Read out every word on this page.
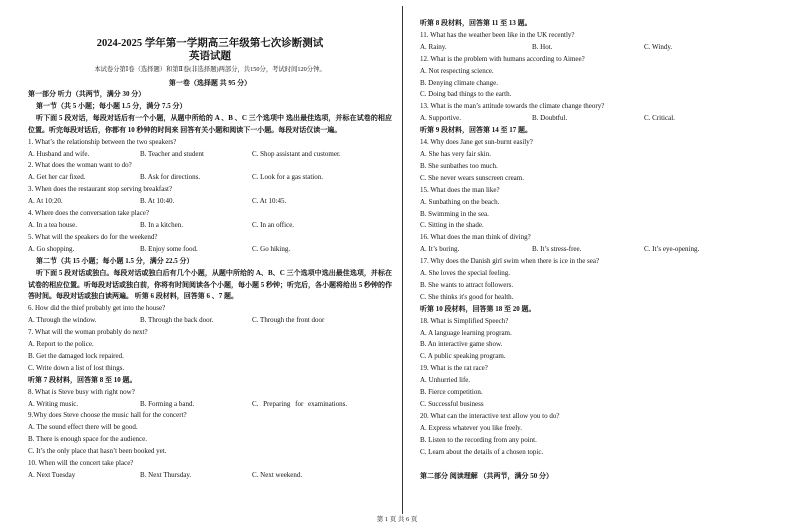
2024-2025 学年第一学期高三年级第七次诊断测试
英语试题
本试卷分第Ⅰ卷（选择题）和第Ⅱ卷(非选择题)两部分，共150分，考试时间120分钟。
第一卷（选择题 共 95 分）
第一部分 听力（共两节，满分 30 分）
第一节（共 5 小题；每小题 1.5 分，满分 7.5 分）
听下面 5 段对话，每段对话后有一个小题，从题中所给的 A 、B 、C 三个选项中 选出最佳选项，并标在试卷的相应位置。听完每段对话后，你都有 10 秒钟的时间来 回答有关小题和阅读下一小题。每段对话仅读一遍。
1. What’s the relationship between the two speakers?
A. Husband and wife.	B. Teacher and student	C. Shop assistant and customer.
2. What does the woman want to do?
A. Get her car fixed.	B. Ask for directions.	C. Look for a gas station.
3. When does the restaurant stop serving breakfast?
A. At 10:20.	B. At 10:40.	C. At 10:45.
4. Where does the conversation take place?
A. In a tea house.	B. In a kitchen.	C. In an office.
5. What will the speakers do for the weekend?
A. Go shopping.	B. Enjoy some food.	C. Go hiking.
第二节（共 15 小题；每小题 1.5 分，满分 22.5 分）
听下面 5 段对话或独白。每段对话或独白后有几个小题，从题中所给的 A、B、C 三个选项中选出最佳选项，并标在试卷的相应位置。听每段对话或独白前，你将有时间阅读各个小题，每小题 5 秒钟；听完后，各小题将给出 5 秒钟的作答时间。每段对话或独白读两遍。 听第 6 段材料，回答第 6 、7 题。
6. How did the thief probably get into the house?
A. Through the window.	B. Through the back door.	C. Through the front door
7. What will the woman probably do next?
A. Report to the police.
B. Get the damaged lock repaired.
C. Write down a list of lost things.
听第 7 段材料，回答第 8 至 10 题。
8. What is Steve busy with right now?
A. Writing music.	B. Forming a band.	C. Preparing for examinations.
9.Why does Steve choose the music hall for the concert?
A. The sound effect there will be good.
B. There is enough space for the audience.
C. It’s the only place that hasn’t been booked yet.
10. When will the concert take place?
A. Next Tuesday	B. Next Thursday.	C. Next weekend.
听第 8 段材料，回答第 11 至 13 题。
11. What has the weather been like in the UK recently?
A. Rainy.	B. Hot.	C. Windy.
12. What is the problem with humans according to Aimee?
A. Not respecting science.
B. Denying climate change.
C. Doing bad things to the earth.
13. What is the man’s attitude towards the climate change theory?
A. Supportive.	B. Doubtful.	C. Critical.
听第 9 段材料，回答第 14 至 17 题。
14. Why does Jane get sun-burnt easily?
A. She has very fair skin.
B. She sunbathes too much.
C. She never wears sunscreen cream.
15. What does the man like?
A. Sunbathing on the beach.
B. Swimming in the sea.
C. Sitting in the shade.
16. What does the man think of diving?
A. It’s boring.	B. It’s stress-free.	C. It’s eye-opening.
17. Why does the Danish girl swim when there is ice in the sea?
A. She loves the special feeling.
B. She wants to attract followers.
C. She thinks it's good for health.
听第 10 段材料，回答第 18 至 20 题。
18. What is Simplified Speech?
A. A language learning program.
B. An interactive game show.
C. A public speaking program.
19. What is the rat race?
A. Unhurried life.
B. Fierce competition.
C. Successful business
20. What can the interactive text allow you to do?
A. Express whatever you like freely.
B. Listen to the recording from any point.
C. Learn about the details of a chosen topic.
第二部分 阅读理解 （共两节，满分 50 分）
第 1 页 共 6 页
